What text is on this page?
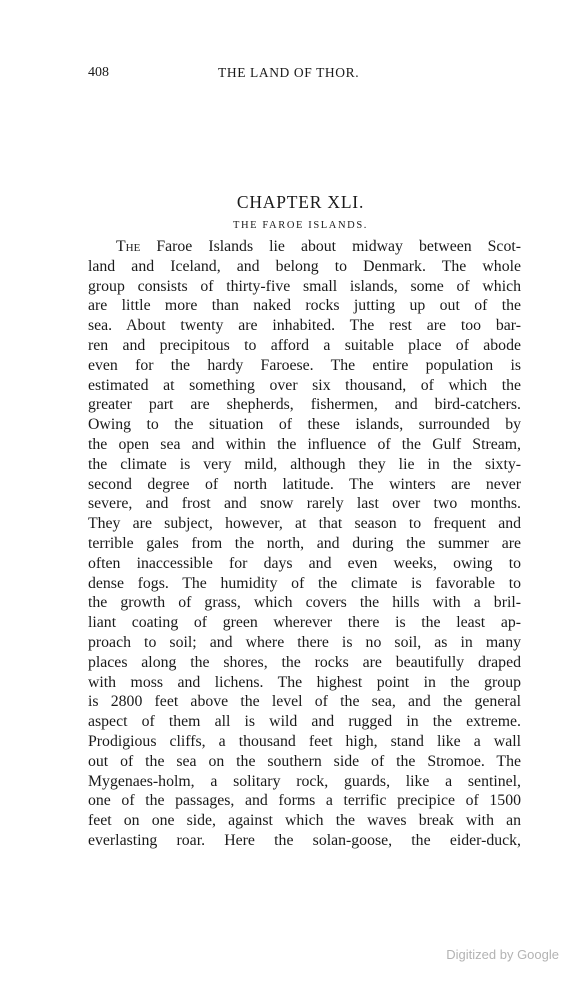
408	THE LAND OF THOR.
CHAPTER XLI.
THE FAROE ISLANDS.
The Faroe Islands lie about midway between Scot-
land and Iceland, and belong to Denmark. The whole
group consists of thirty-five small islands, some of which
are little more than naked rocks jutting up out of the
sea. About twenty are inhabited. The rest are too bar-
ren and precipitous to afford a suitable place of abode
even for the hardy Faroese. The entire population is
estimated at something over six thousand, of which the
greater part are shepherds, fishermen, and bird-catchers.
Owing to the situation of these islands, surrounded by
the open sea and within the influence of the Gulf Stream,
the climate is very mild, although they lie in the sixty-
second degree of north latitude. The winters are never
severe, and frost and snow rarely last over two months.
They are subject, however, at that season to frequent and
terrible gales from the north, and during the summer are
often inaccessible for days and even weeks, owing to
dense fogs. The humidity of the climate is favorable to
the growth of grass, which covers the hills with a bril-
liant coating of green wherever there is the least ap-
proach to soil; and where there is no soil, as in many
places along the shores, the rocks are beautifully draped
with moss and lichens. The highest point in the group
is 2800 feet above the level of the sea, and the general
aspect of them all is wild and rugged in the extreme.
Prodigious cliffs, a thousand feet high, stand like a wall
out of the sea on the southern side of the Stromoe. The
Mygenaes-holm, a solitary rock, guards, like a sentinel,
one of the passages, and forms a terrific precipice of 1500
feet on one side, against which the waves break with an
everlasting roar. Here the solan-goose, the eider-duck,
Digitized by Google
